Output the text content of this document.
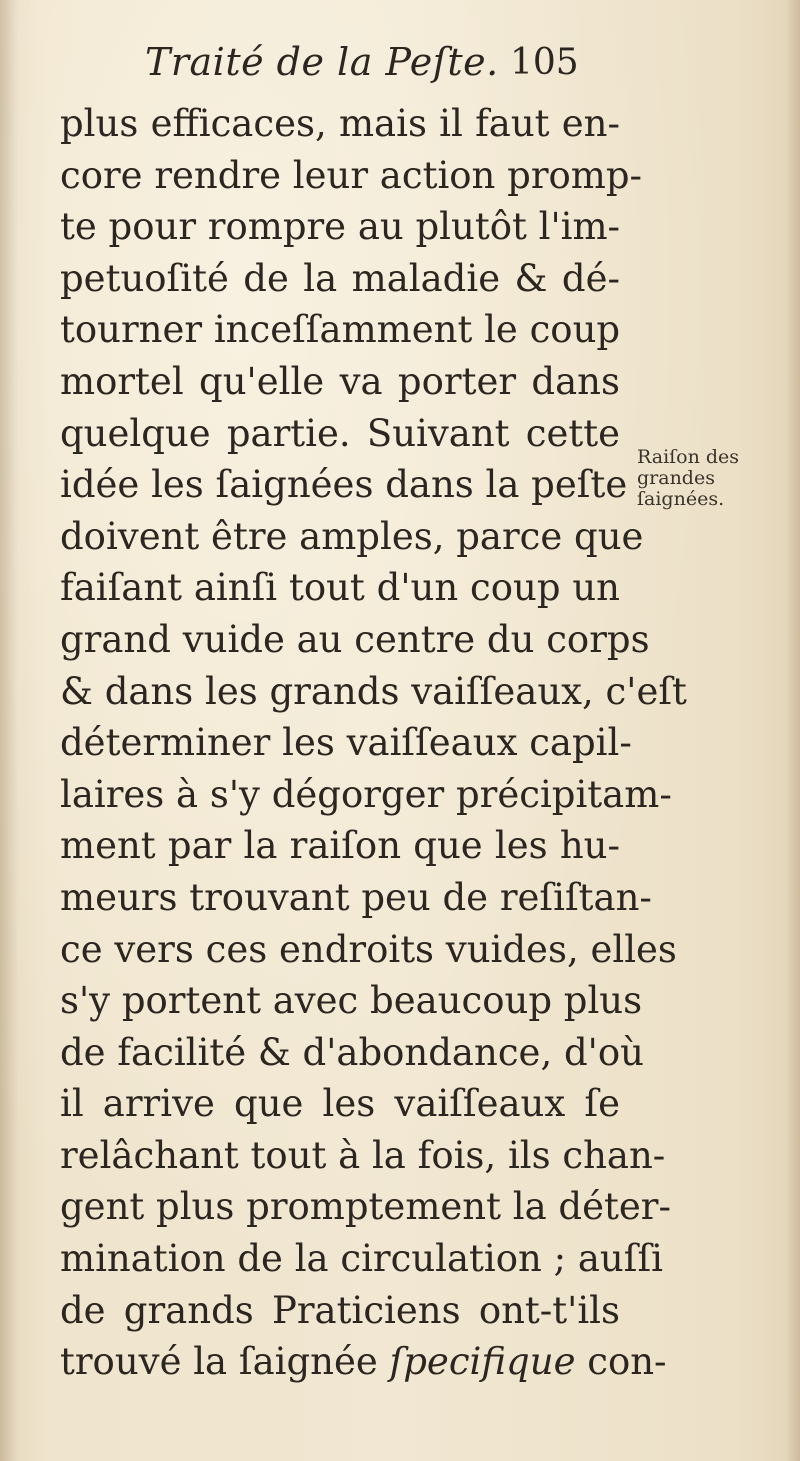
Traité de la Peſte. 105
plus efficaces, mais il faut en-
core rendre leur action promp-
te pour rompre au plutôt l'im-
petuoſité de la maladie & dé-
tourner inceſſamment le coup
mortel qu'elle va porter dans
quelque partie. Suivant cette
idée les ſaignées dans la peſte
doivent être amples, parce que
faiſant ainſi tout d'un coup un
grand vuide au centre du corps
& dans les grands vaiſſeaux, c'eſt
déterminer les vaiſſeaux capil-
laires à s'y dégorger précipitam-
ment par la raiſon que les hu-
meurs trouvant peu de reſiſtan-
ce vers ces endroits vuides, elles
s'y portent avec beaucoup plus
de facilité & d'abondance, d'où
il arrive que les vaiſſeaux ſe
relâchant tout à la fois, ils chan-
gent plus promptement la déter-
mination de la circulation ; auſſi
de grands Praticiens ont-t'ils
trouvé la ſaignée ſpecifique con-
Raiſon des
grandes
ſaignées.
